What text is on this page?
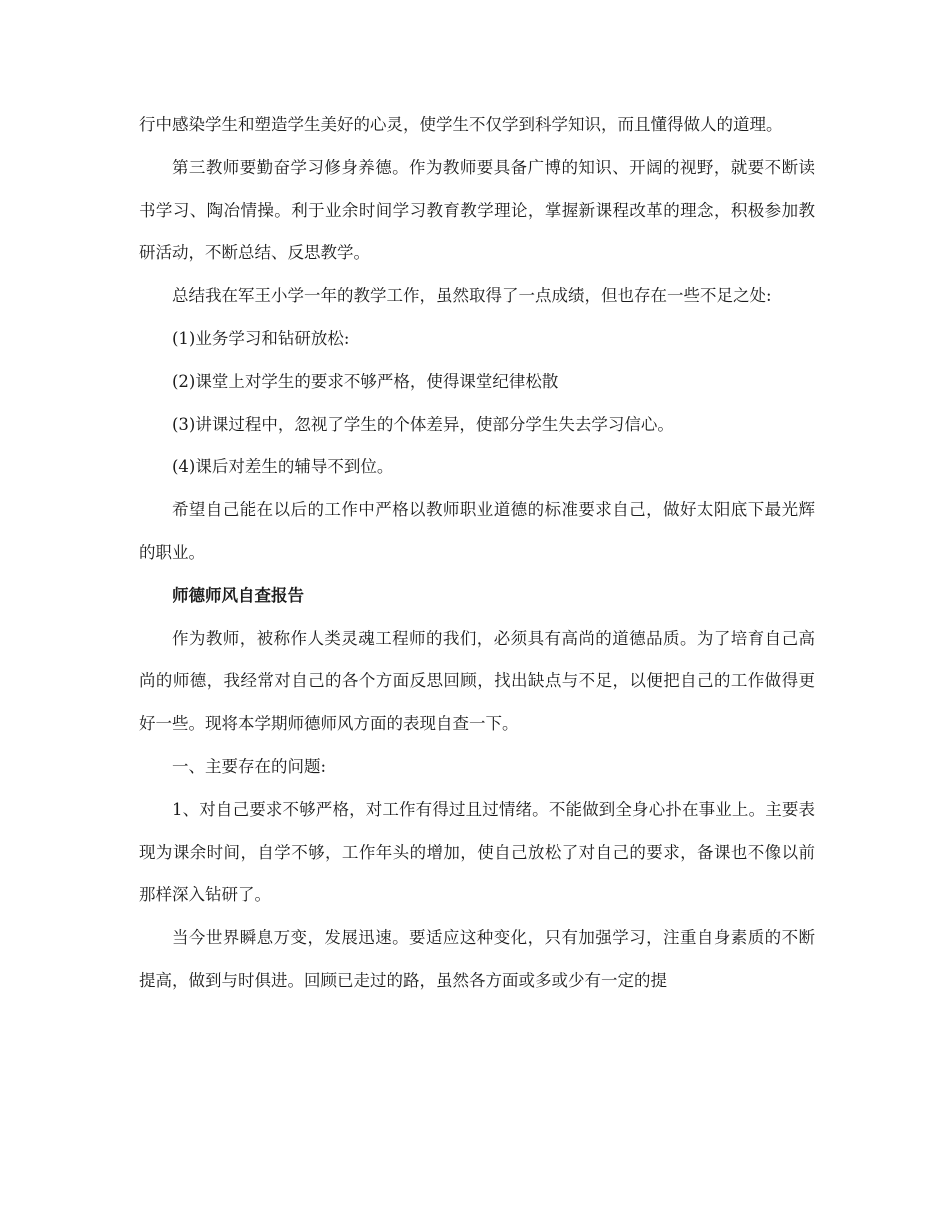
行中感染学生和塑造学生美好的心灵，使学生不仅学到科学知识，而且懂得做人的道理。

第三教师要勤奋学习修身养德。作为教师要具备广博的知识、开阔的视野，就要不断读书学习、陶冶情操。利于业余时间学习教育教学理论，掌握新课程改革的理念，积极参加教研活动，不断总结、反思教学。

总结我在军王小学一年的教学工作，虽然取得了一点成绩，但也存在一些不足之处:

(1)业务学习和钻研放松:

(2)课堂上对学生的要求不够严格，使得课堂纪律松散

(3)讲课过程中，忽视了学生的个体差异，使部分学生失去学习信心。

(4)课后对差生的辅导不到位。

希望自己能在以后的工作中严格以教师职业道德的标准要求自己，做好太阳底下最光辉的职业。

师德师风自查报告

作为教师，被称作人类灵魂工程师的我们，必须具有高尚的道德品质。为了培育自己高尚的师德，我经常对自己的各个方面反思回顾，找出缺点与不足，以便把自己的工作做得更好一些。现将本学期师德师风方面的表现自查一下。

一、主要存在的问题:

1、对自己要求不够严格，对工作有得过且过情绪。不能做到全身心扑在事业上。主要表现为课余时间，自学不够，工作年头的增加，使自己放松了对自己的要求，备课也不像以前那样深入钻研了。

当今世界瞬息万变，发展迅速。要适应这种变化，只有加强学习，注重自身素质的不断提高，做到与时俱进。回顾已走过的路，虽然各方面或多或少有一定的提
